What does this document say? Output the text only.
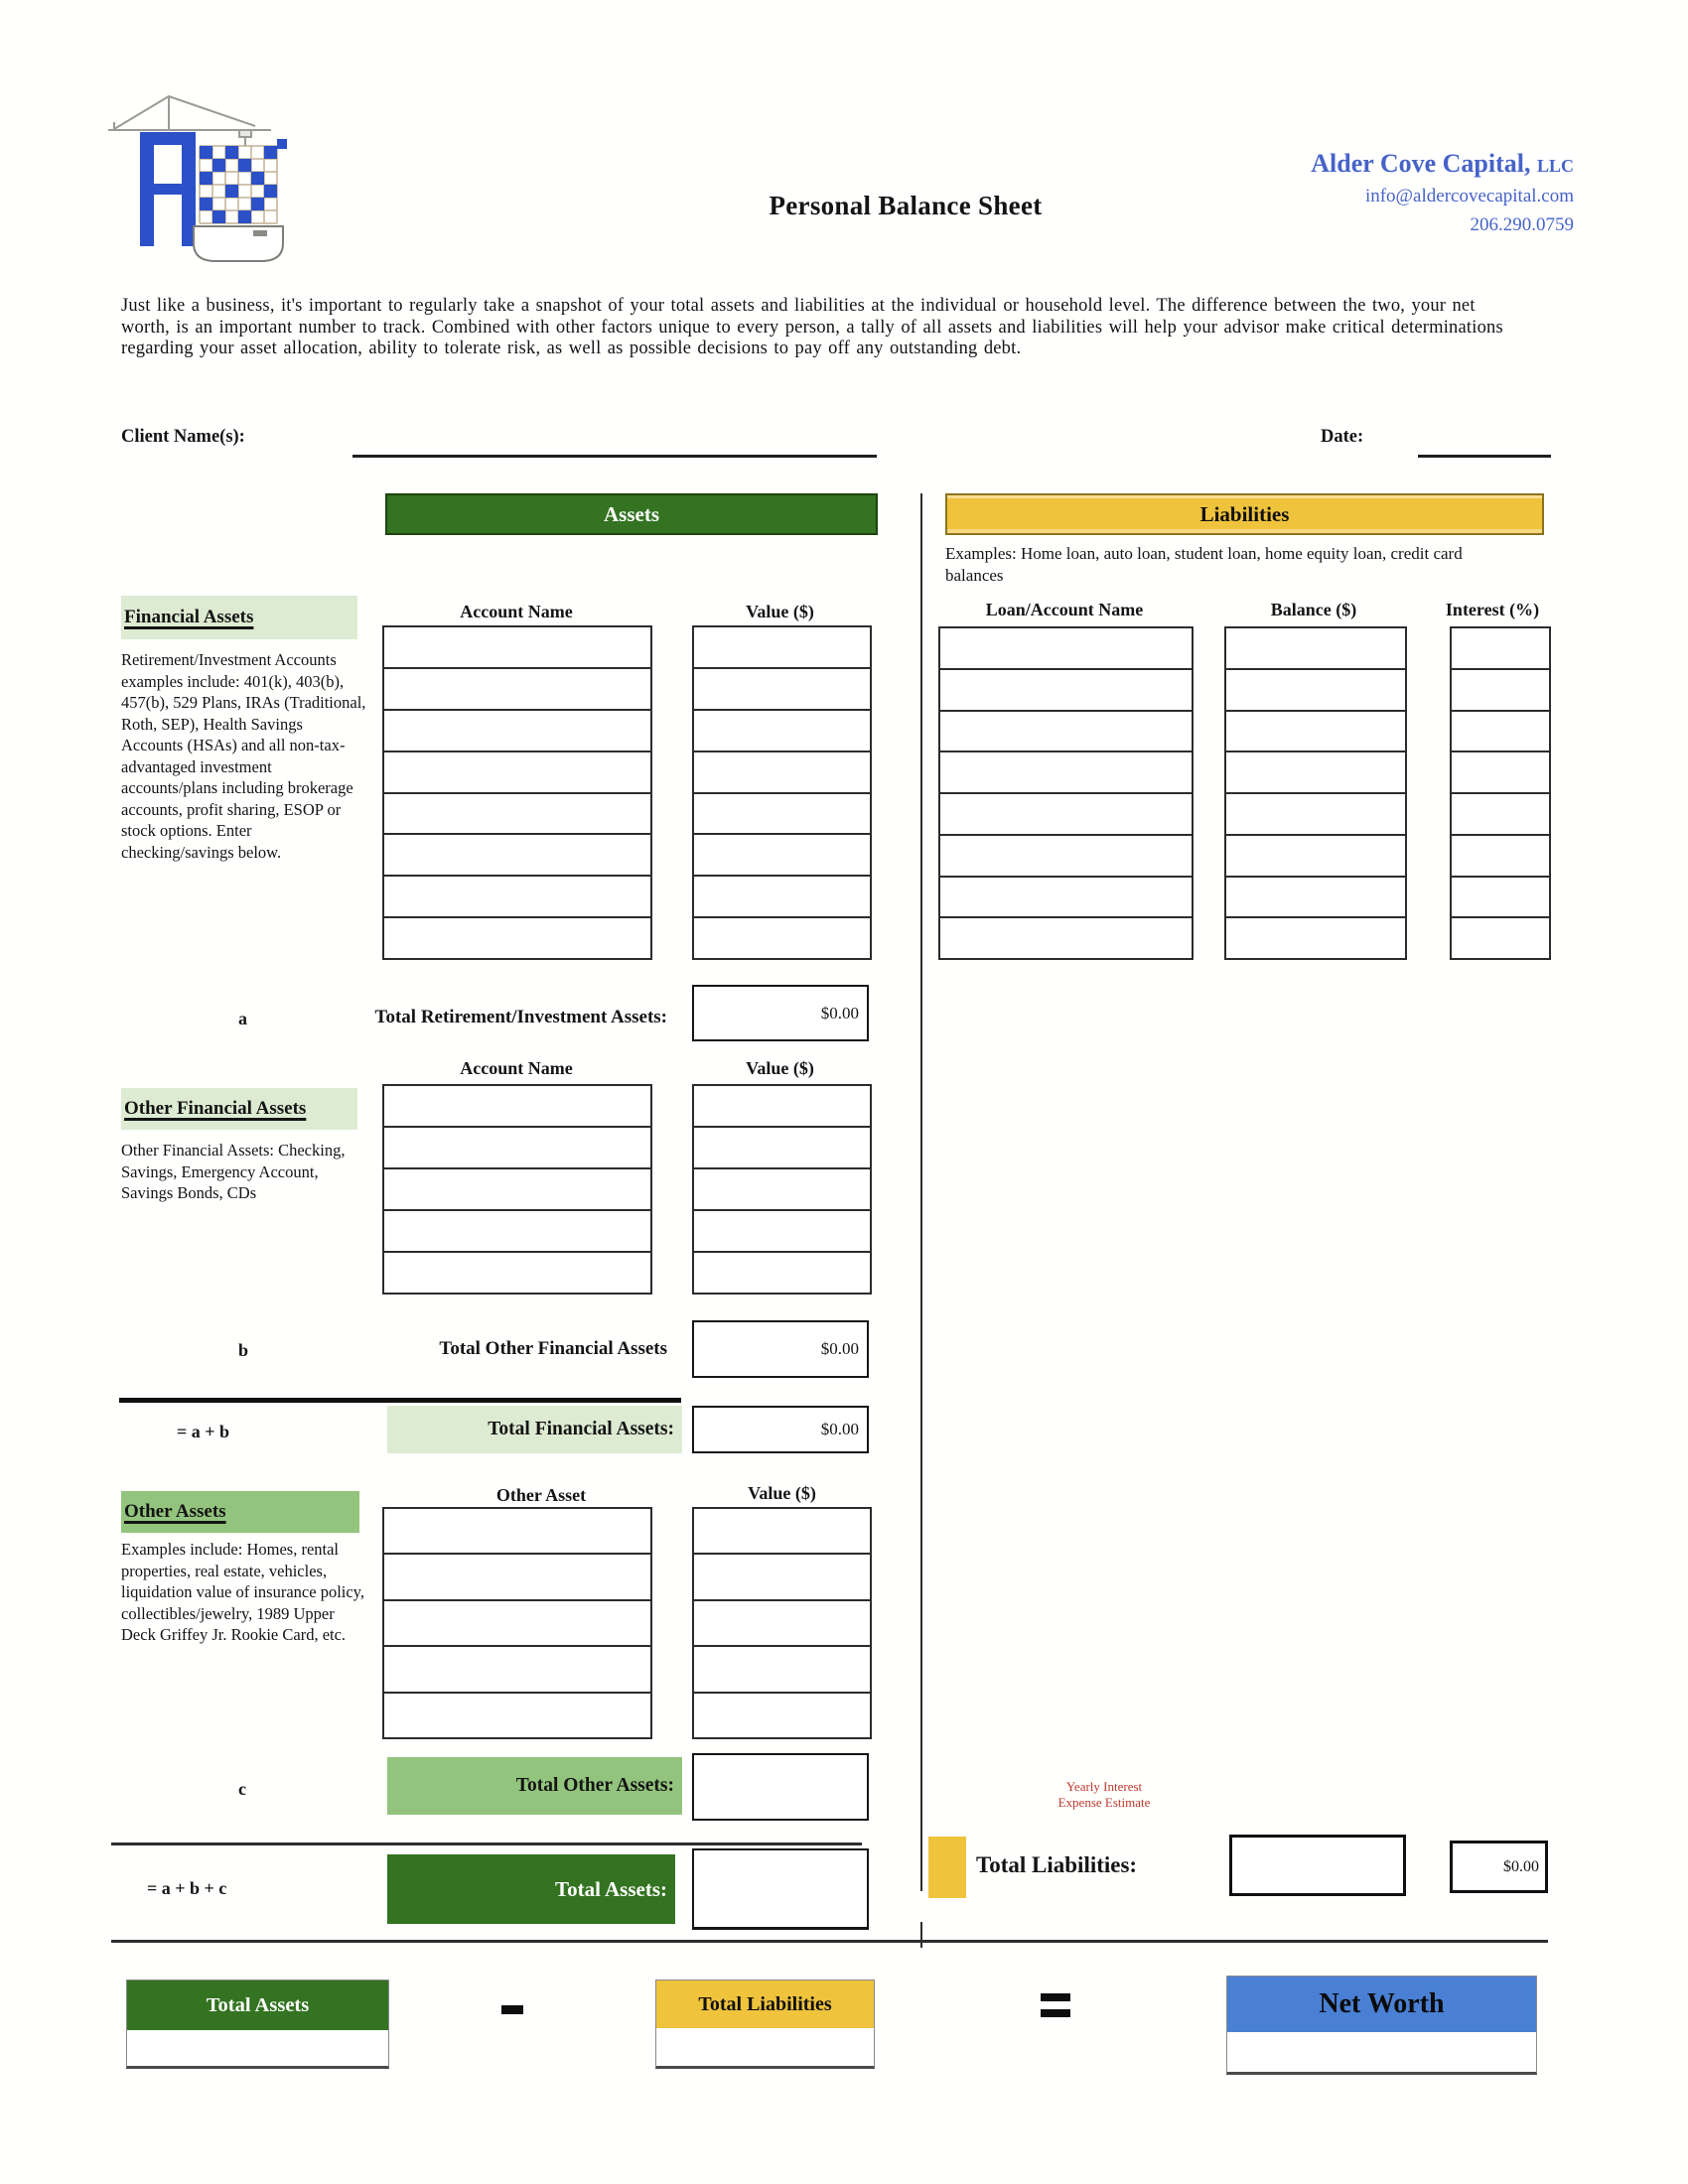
Personal Balance Sheet
Alder Cove Capital, LLC
info@aldercovecapital.com
206.290.0759
Just like a business, it's important to regularly take a snapshot of your total assets and liabilities at the individual or household level. The difference between the two, your net worth, is an important number to track. Combined with other factors unique to every person, a tally of all assets and liabilities will help your advisor make critical determinations regarding your asset allocation, ability to tolerate risk, as well as possible decisions to pay off any outstanding debt.
Client Name(s):	Date:
Assets	Liabilities
Examples: Home loan, auto loan, student loan, home equity loan, credit card balances
Loan/Account Name	Balance ($)	Interest (%)
Financial Assets
Retirement/Investment Accounts examples include: 401(k), 403(b), 457(b), 529 Plans, IRAs (Traditional, Roth, SEP), Health Savings Accounts (HSAs) and all non-tax-advantaged investment accounts/plans including brokerage accounts, profit sharing, ESOP or stock options. Enter checking/savings below.
Account Name	Value ($)
a	Total Retirement/Investment Assets:	$0.00
Account Name	Value ($)
Other Financial Assets
Other Financial Assets: Checking, Savings, Emergency Account, Savings Bonds, CDs
b	Total Other Financial Assets	$0.00
= a + b	Total Financial Assets:	$0.00
Other Assets
Other Asset	Value ($)
Examples include: Homes, rental properties, real estate, vehicles, liquidation value of insurance policy, collectibles/jewelry, 1989 Upper Deck Griffey Jr. Rookie Card, etc.
c	Total Other Assets:
= a + b + c	Total Assets:
Yearly Interest Expense Estimate
Total Liabilities:	$0.00
Total Assets	Total Liabilities	Net Worth
